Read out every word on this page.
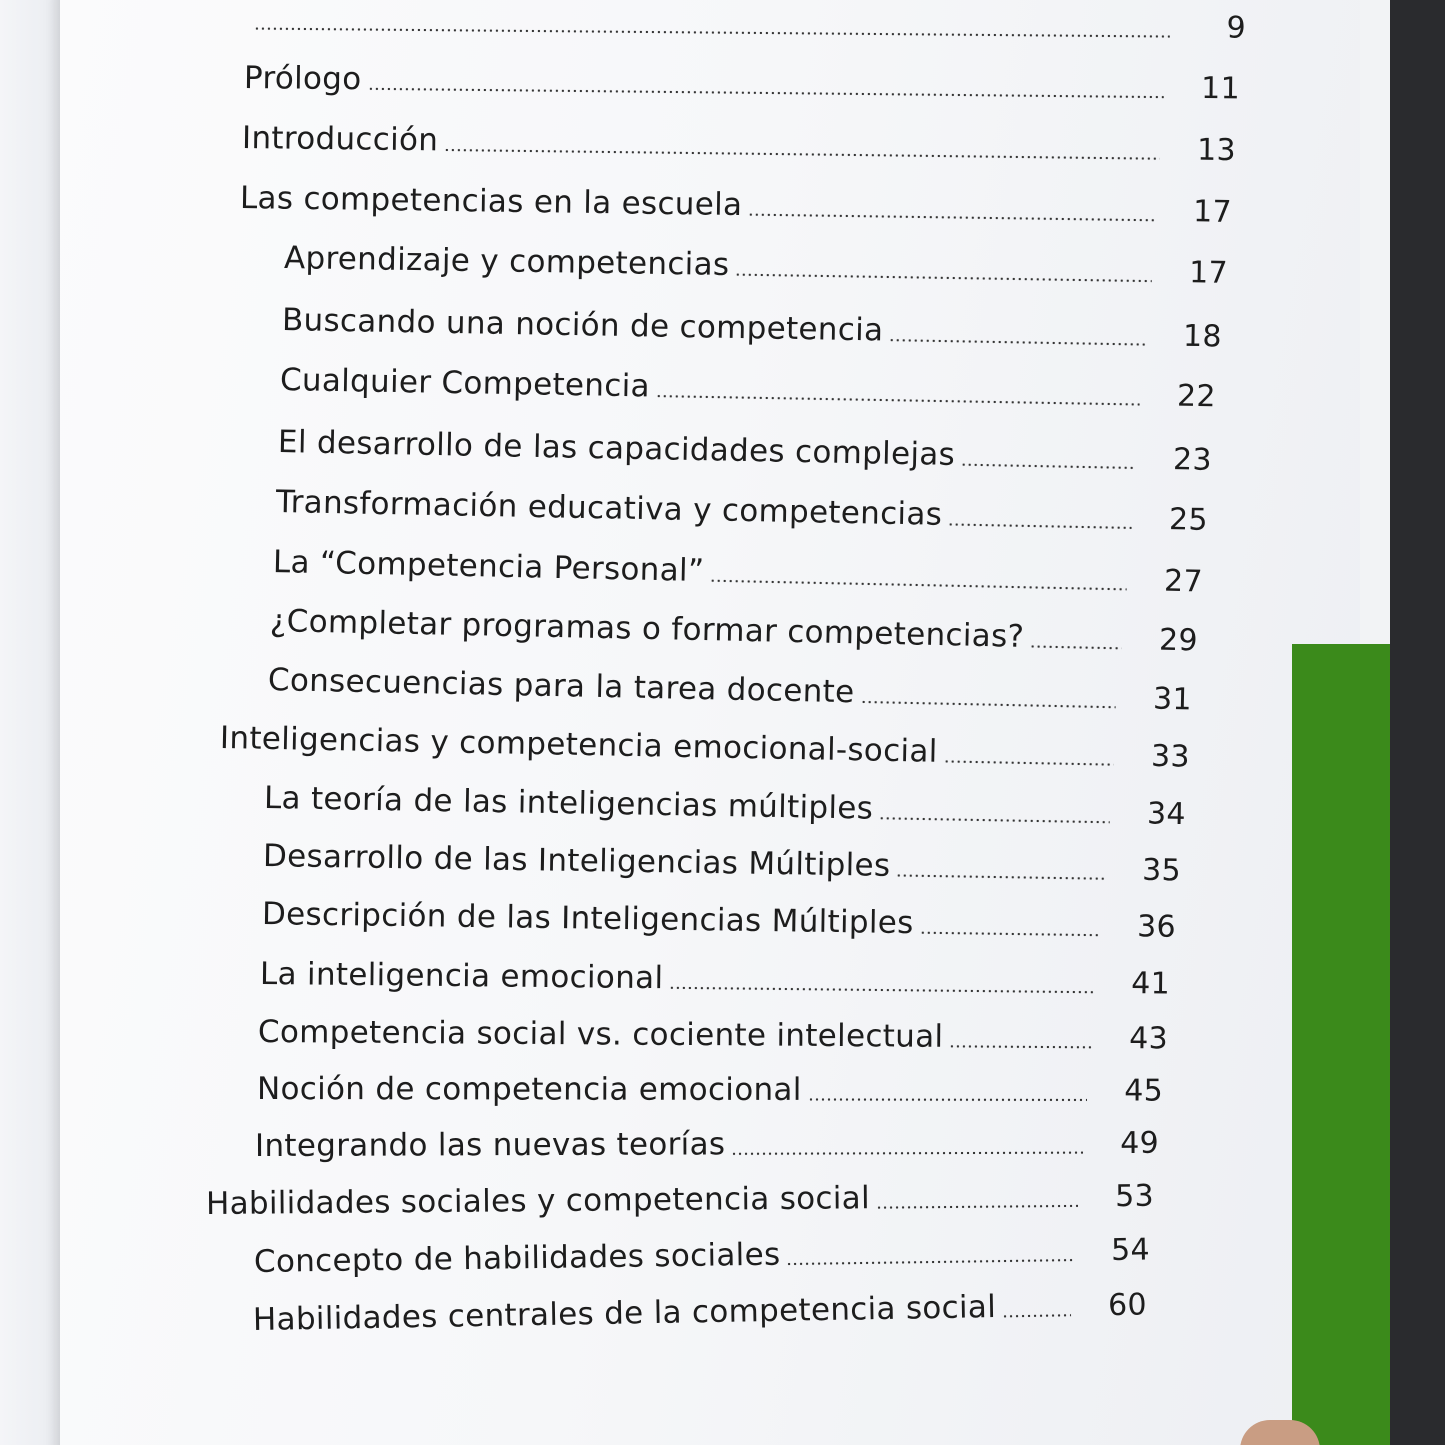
9
Prólogo	11
Introducción	13
Las competencias en la escuela	17
Aprendizaje y competencias	17
Buscando una noción de competencia	18
Cualquier Competencia	22
El desarrollo de las capacidades complejas	23
Transformación educativa y competencias	25
La “Competencia Personal”	27
¿Completar programas o formar competencias?	29
Consecuencias para la tarea docente	31
Inteligencias y competencia emocional-social	33
La teoría de las inteligencias múltiples	34
Desarrollo de las Inteligencias Múltiples	35
Descripción de las Inteligencias Múltiples	36
La inteligencia emocional	41
Competencia social vs. cociente intelectual	43
Noción de competencia emocional	45
Integrando las nuevas teorías	49
Habilidades sociales y competencia social	53
Concepto de habilidades sociales	54
Habilidades centrales de la competencia social	60
